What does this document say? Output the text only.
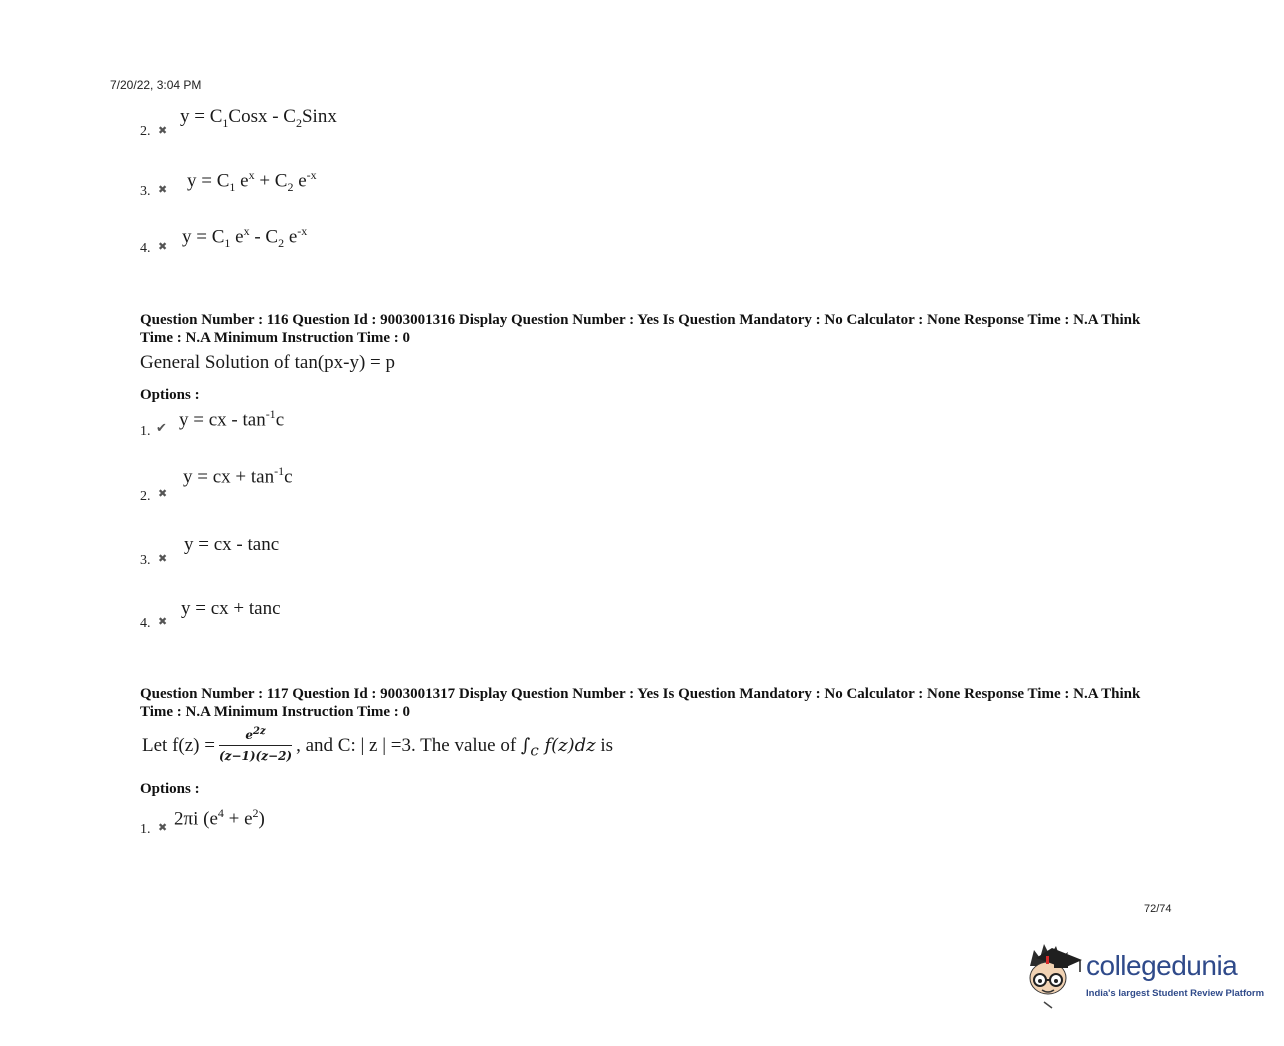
7/20/22, 3:04 PM
2. ✖
$y = C_1Cosx$ - $C_2Sinx$
3. ✖ $y = C_1$ $e^x + C_2$ $e^{-x}$
4. ✖ $y = C_1$ $e^x - C_2$ $e^{-x}$
Question Number : 116 Question Id : 9003001316 Display Question Number : Yes Is Question Mandatory : No Calculator : None Response Time : N.A Think Time : N.A Minimum Instruction Time : 0
General Solution of tan(px-y) = p
Options :
1. ✔ y = cx - $\tan^{-1}c$
2. ✖
y = cx + $\tan^{-1}c$
3. ✖
y = cx - tanc
4. ✖
y = cx + tanc
Question Number : 117 Question Id : 9003001317 Display Question Number : Yes Is Question Mandatory : No Calculator : None Response Time : N.A Think Time : N.A Minimum Instruction Time : 0
Let $f(z) = \frac{e^{2z}}{(z-1)(z-2)}$ , and C: | z | =3. The value of $\int_c$ f(z)dz is
Options :
1. ✖ 2πi $(e^4 + e^2)$
72/74
collegedunia
India's largest Student Review Platform
